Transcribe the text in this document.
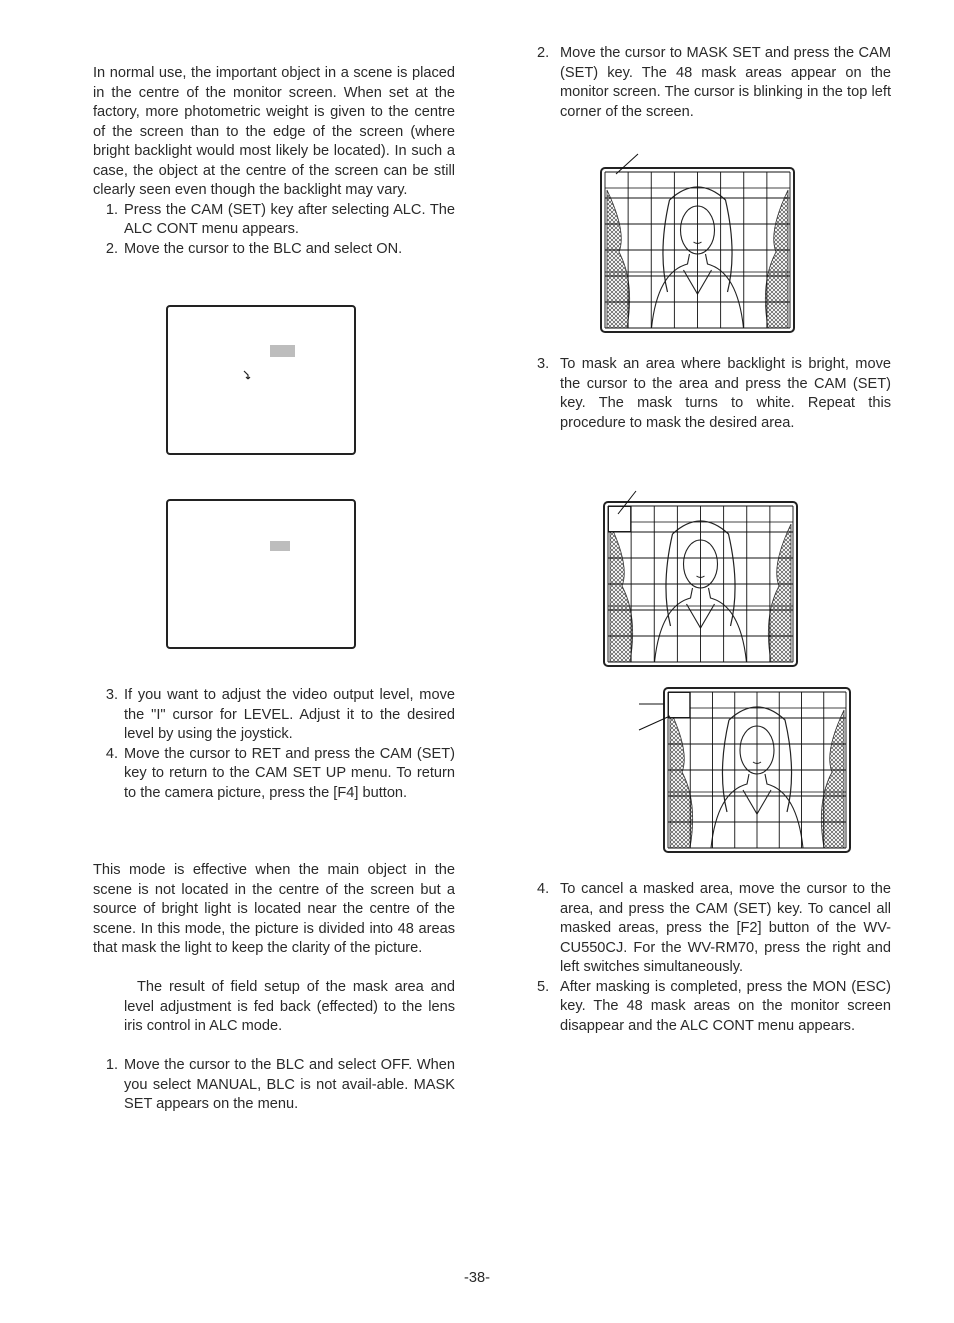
In normal use, the important object in a scene is placed in the centre of the monitor screen. When set at the factory, more photometric weight is given to the centre of the screen than to the edge of the screen (where bright backlight would most likely be located). In such a case, the object at the centre of the screen can be still clearly seen even though the backlight may vary.

1. Press the CAM (SET) key after selecting ALC. The ALC CONT menu appears.
2. Move the cursor to the BLC and select ON.
3. If you want to adjust the video output level, move the "I" cursor for LEVEL. Adjust it to the desired level by using the joystick.
4. Move the cursor to RET and press the CAM (SET) key to return to the CAM SET UP menu. To return to the camera picture, press the [F4] button.

This mode is effective when the main object in the scene is not located in the centre of the screen but a source of bright light is located near the centre of the scene. In this mode, the picture is divided into 48 areas that mask the light to keep the clarity of the picture.

The result of field setup of the mask area and level adjustment is fed back (effected) to the lens iris control in ALC mode.

1. Move the cursor to the BLC and select OFF. When you select MANUAL, BLC is not avail-able. MASK SET appears on the menu.
2. Move the cursor to MASK SET and press the CAM (SET) key. The 48 mask areas appear on the monitor screen. The cursor is blinking in the top left corner of the screen.
3. To mask an area where backlight is bright, move the cursor to the area and press the CAM (SET) key. The mask turns to white. Repeat this procedure to mask the desired area.
4. To cancel a masked area, move the cursor to the area, and press the CAM (SET) key. To cancel all masked areas, press the [F2] button of the WV-CU550CJ. For the WV-RM70, press the right and left switches simultaneously.
5. After masking is completed, press the MON (ESC) key. The 48 mask areas on the monitor screen disappear and the ALC CONT menu appears.
-38-
